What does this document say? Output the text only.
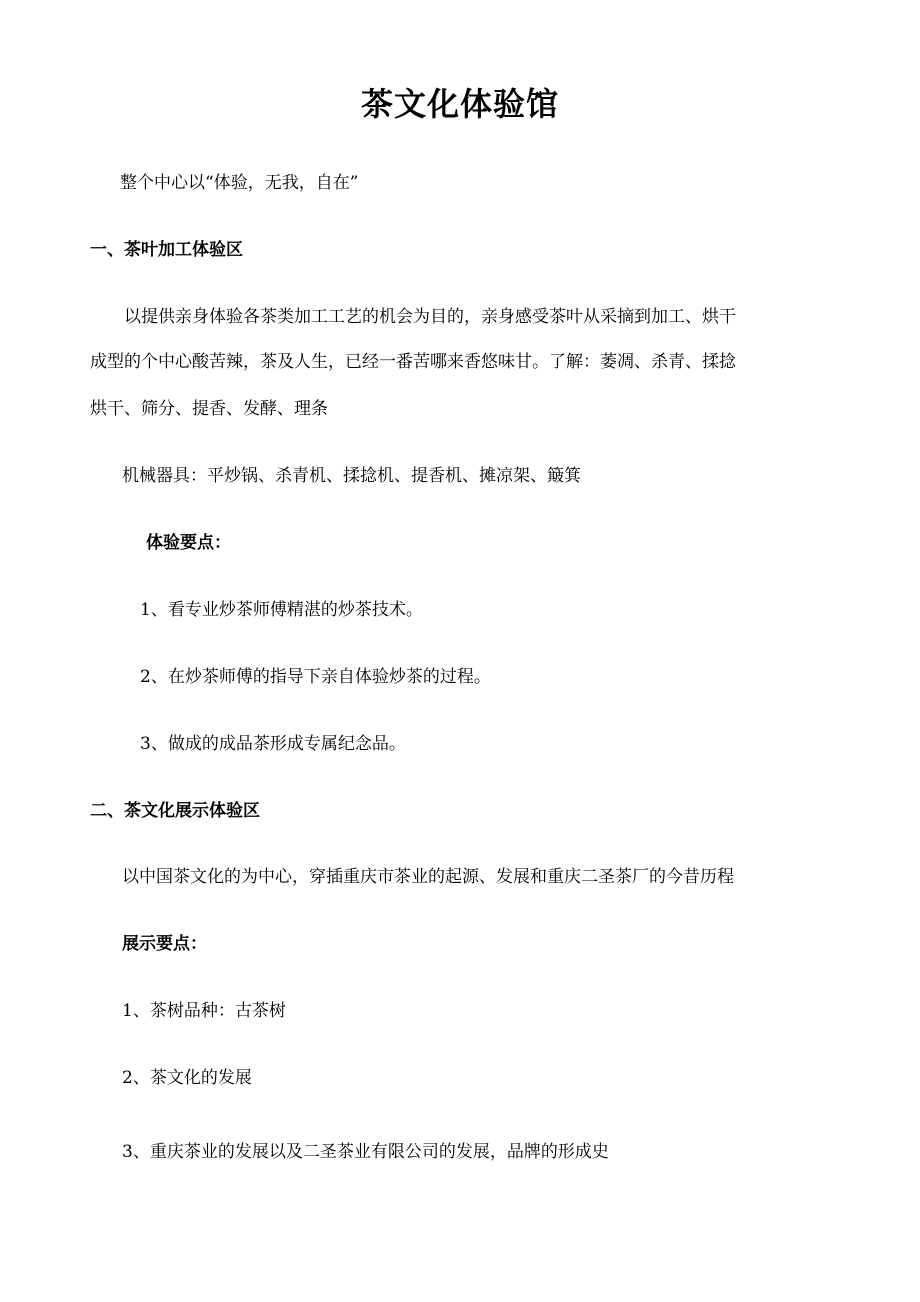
茶文化体验馆
整个中心以“体验，无我，自在”
一、茶叶加工体验区
以提供亲身体验各茶类加工工艺的机会为目的，亲身感受茶叶从采摘到加工、烘干
成型的个中心酸苦辣，茶及人生，已经一番苦哪来香悠味甘。了解：萎凋、杀青、揉捻
烘干、筛分、提香、发酵、理条
机械器具：平炒锅、杀青机、揉捻机、提香机、摊凉架、簸箕
体验要点：
1、看专业炒茶师傅精湛的炒茶技术。
2、在炒茶师傅的指导下亲自体验炒茶的过程。
3、做成的成品茶形成专属纪念品。
二、茶文化展示体验区
以中国茶文化的为中心，穿插重庆市茶业的起源、发展和重庆二圣茶厂的今昔历程
展示要点：
1、茶树品种：古茶树
2、茶文化的发展
3、重庆茶业的发展以及二圣茶业有限公司的发展，品牌的形成史
